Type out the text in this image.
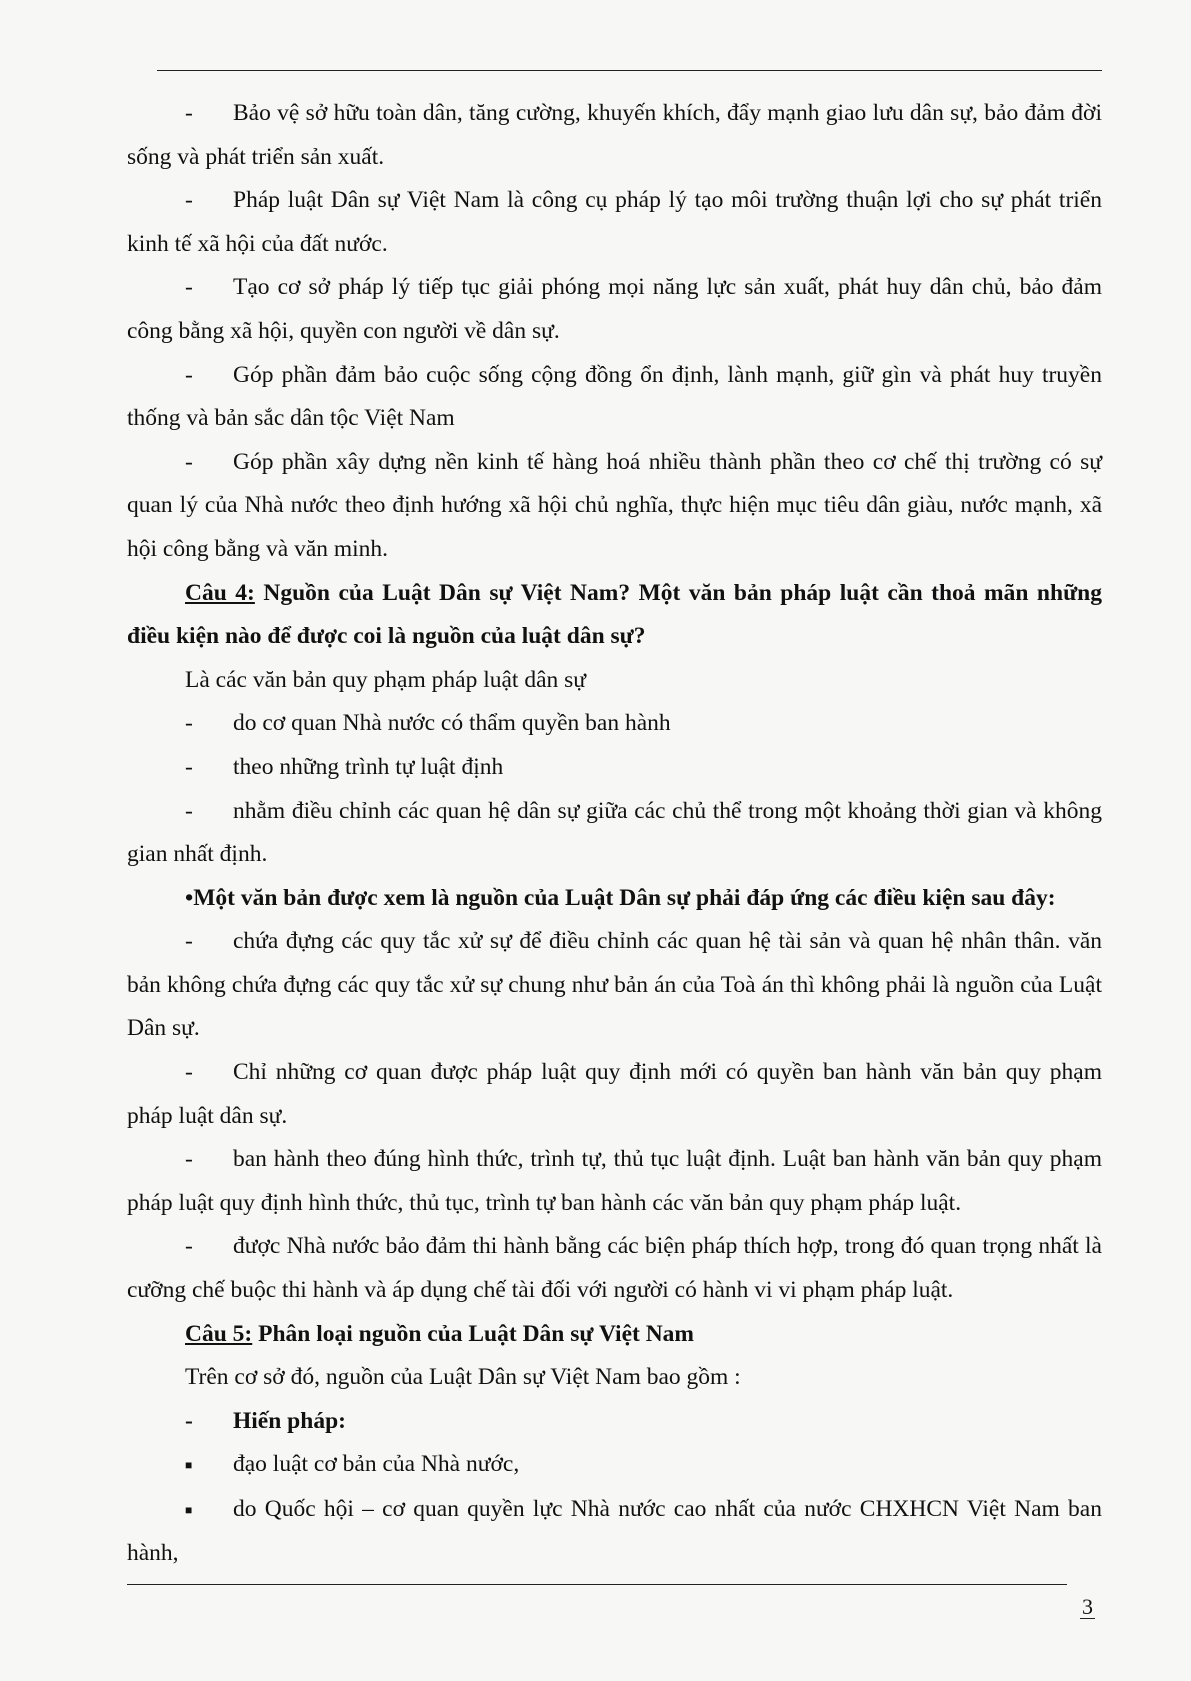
- Bảo vệ sở hữu toàn dân, tăng cường, khuyến khích, đẩy mạnh giao lưu dân sự, bảo đảm đời sống và phát triển sản xuất.

- Pháp luật Dân sự Việt Nam là công cụ pháp lý tạo môi trường thuận lợi cho sự phát triển kinh tế xã hội của đất nước.

- Tạo cơ sở pháp lý tiếp tục giải phóng mọi năng lực sản xuất, phát huy dân chủ, bảo đảm công bằng xã hội, quyền con người về dân sự.

- Góp phần đảm bảo cuộc sống cộng đồng ổn định, lành mạnh, giữ gìn và phát huy truyền thống và bản sắc dân tộc Việt Nam

- Góp phần xây dựng nền kinh tế hàng hoá nhiều thành phần theo cơ chế thị trường có sự quan lý của Nhà nước theo định hướng xã hội chủ nghĩa, thực hiện mục tiêu dân giàu, nước mạnh, xã hội công bằng và văn minh.

Câu 4: Nguồn của Luật Dân sự Việt Nam? Một văn bản pháp luật cần thoả mãn những điều kiện nào để được coi là nguồn của luật dân sự?

Là các văn bản quy phạm pháp luật dân sự

- do cơ quan Nhà nước có thẩm quyền ban hành

- theo những trình tự luật định

- nhằm điều chỉnh các quan hệ dân sự giữa các chủ thể trong một khoảng thời gian và không gian nhất định.

•Một văn bản được xem là nguồn của Luật Dân sự phải đáp ứng các điều kiện sau đây:

- chứa đựng các quy tắc xử sự để điều chỉnh các quan hệ tài sản và quan hệ nhân thân. văn bản không chứa đựng các quy tắc xử sự chung như bản án của Toà án thì không phải là nguồn của Luật Dân sự.

- Chỉ những cơ quan được pháp luật quy định mới có quyền ban hành văn bản quy phạm pháp luật dân sự.

- ban hành theo đúng hình thức, trình tự, thủ tục luật định. Luật ban hành văn bản quy phạm pháp luật quy định hình thức, thủ tục, trình tự ban hành các văn bản quy phạm pháp luật.

- được Nhà nước bảo đảm thi hành bằng các biện pháp thích hợp, trong đó quan trọng nhất là cưỡng chế buộc thi hành và áp dụng chế tài đối với người có hành vi vi phạm pháp luật.

Câu 5: Phân loại nguồn của Luật Dân sự Việt Nam

Trên cơ sở đó, nguồn của Luật Dân sự Việt Nam bao gồm :

- Hiến pháp:

■ đạo luật cơ bản của Nhà nước,

■ do Quốc hội – cơ quan quyền lực Nhà nước cao nhất của nước CHXHCN Việt Nam ban hành,

3
